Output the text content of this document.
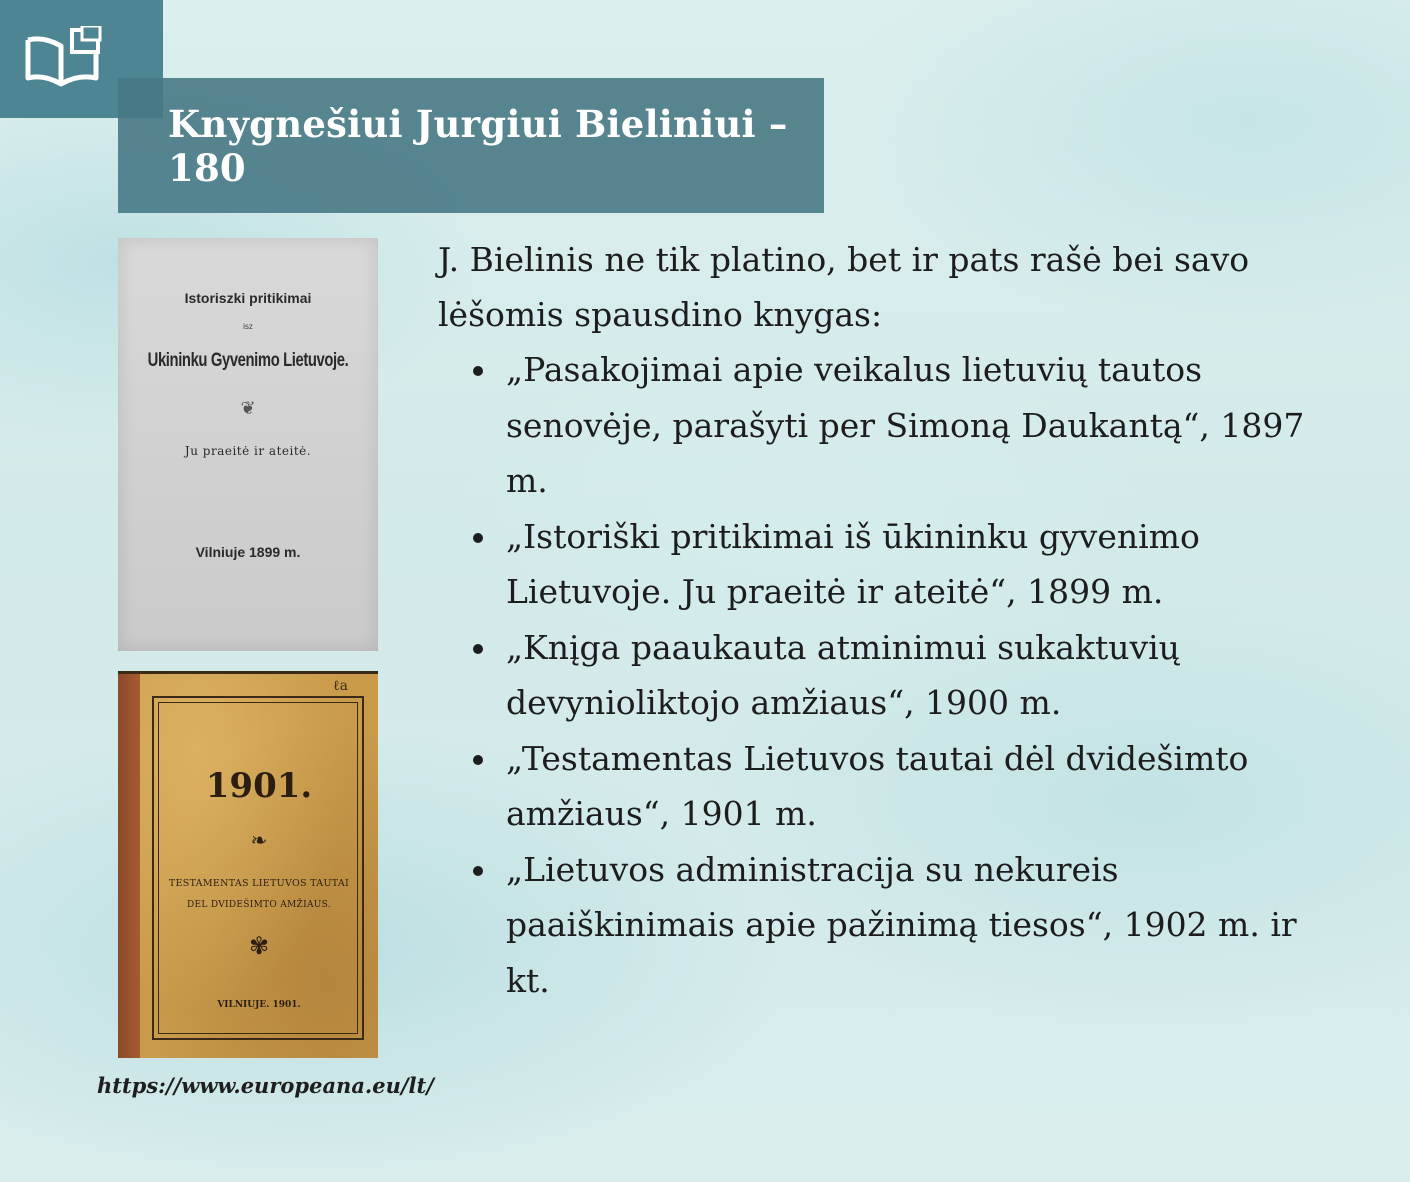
Knygnešiui Jurgiui Bieliniui – 180
Istoriszki pritikimai
isz
Ukininku Gyvenimo Lietuvoje.
❦
Ju praeitė ir ateitė.
Vilniuje 1899 m.
ℓa
1901.
❧
TESTAMENTAS LIETUVOS TAUTAI
DEL DVIDEŠIMTO AMŽIAUS.
✾
VILNIUJE. 1901.
https://www.europeana.eu/lt/

J. Bielinis ne tik platino, bet ir pats rašė bei savo lėšomis spausdino knygas:

„Pasakojimai apie veikalus lietuvių tautos senovėje, parašyti per Simoną Daukantą“, 1897 m.
„Istoriški pritikimai iš ūkininku gyvenimo Lietuvoje. Ju praeitė ir ateitė“, 1899 m.
„Knįga paaukauta atminimui sukaktuvių devynioliktojo amžiaus“, 1900 m.
„Testamentas Lietuvos tautai dėl dvidešimto amžiaus“, 1901 m.
„Lietuvos administracija su nekureis paaiškinimais apie pažinimą tiesos“, 1902 m. ir kt.
